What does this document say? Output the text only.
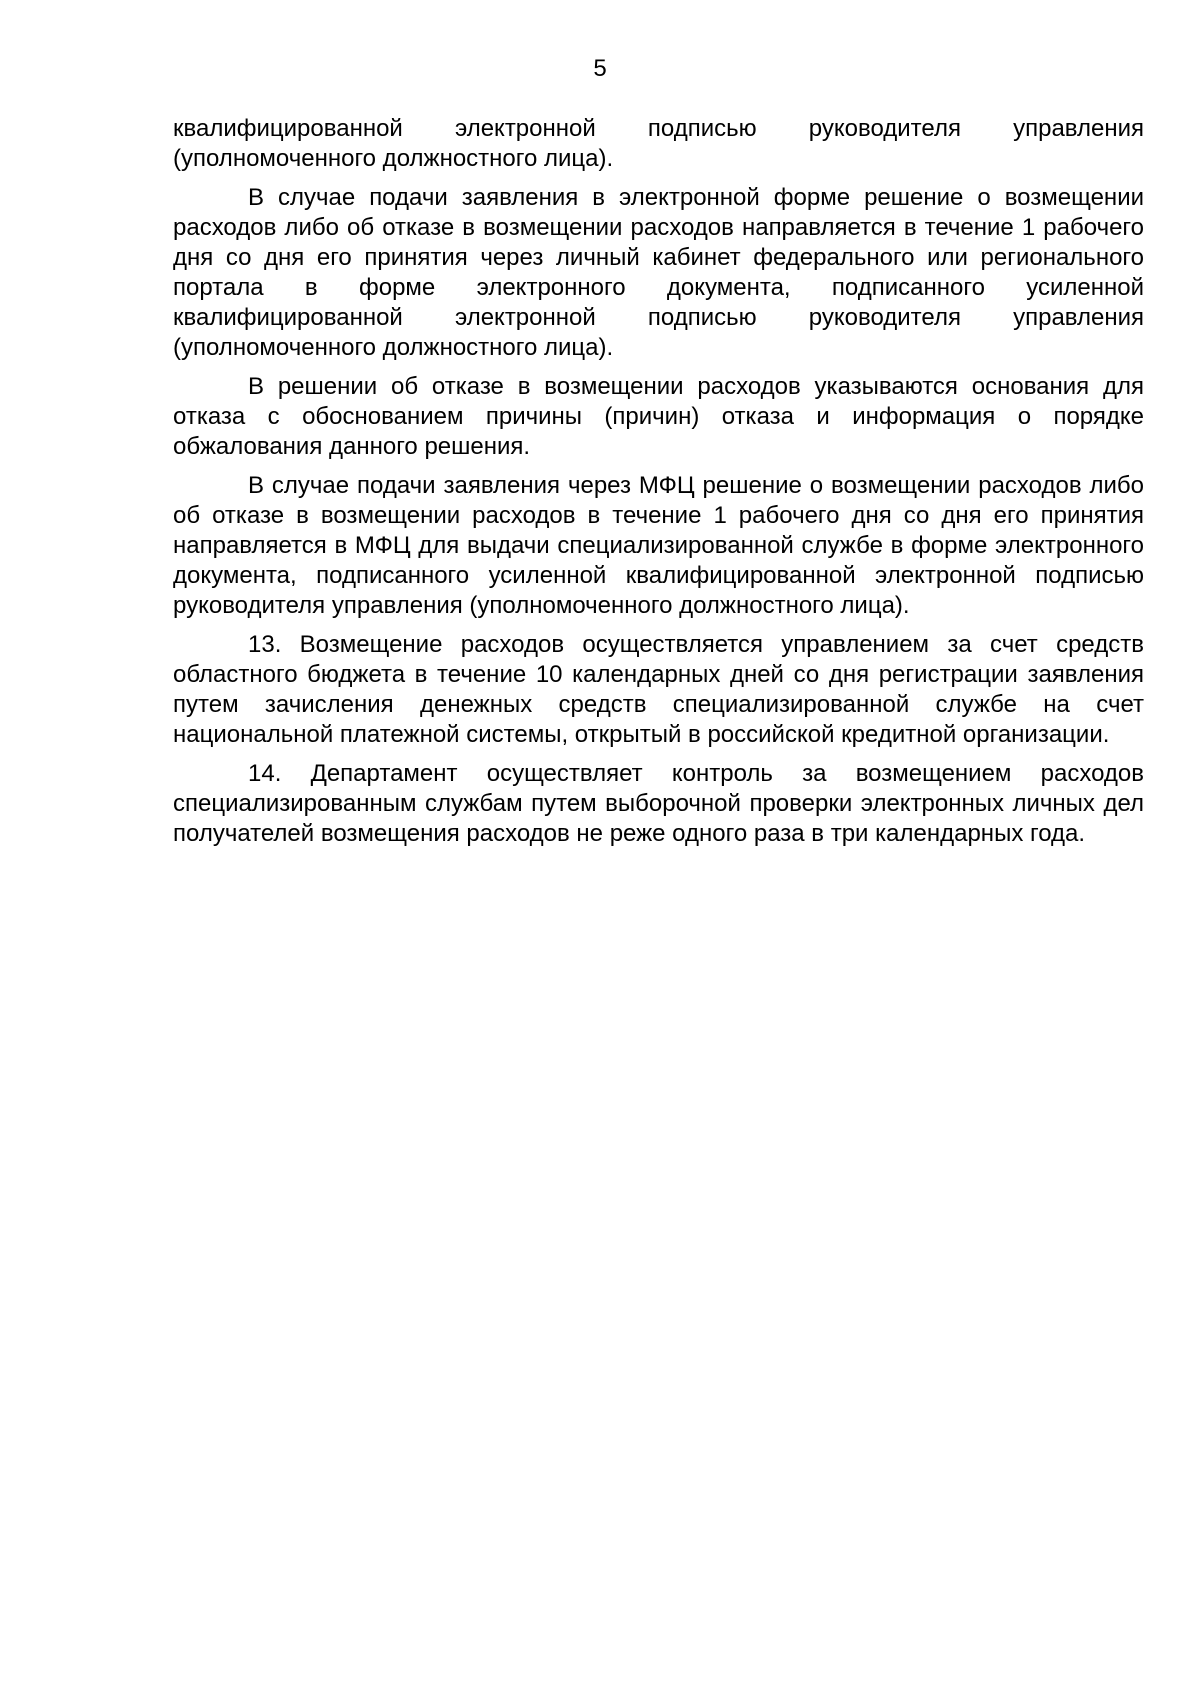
5

квалифицированной электронной подписью руководителя управления (уполномоченного должностного лица).

В случае подачи заявления в электронной форме решение о возмещении расходов либо об отказе в возмещении расходов направляется в течение 1 рабочего дня со дня его принятия через личный кабинет федерального или регионального портала в форме электронного документа, подписанного усиленной квалифицированной электронной подписью руководителя управления (уполномоченного должностного лица).

В решении об отказе в возмещении расходов указываются основания для отказа с обоснованием причины (причин) отказа и информация о порядке обжалования данного решения.

В случае подачи заявления через МФЦ решение о возмещении расходов либо об отказе в возмещении расходов в течение 1 рабочего дня со дня его принятия направляется в МФЦ для выдачи специализированной службе в форме электронного документа, подписанного усиленной квалифицированной электронной подписью руководителя управления (уполномоченного должностного лица).

13. Возмещение расходов осуществляется управлением за счет средств областного бюджета в течение 10 календарных дней со дня регистрации заявления путем зачисления денежных средств специализированной службе на счет национальной платежной системы, открытый в российской кредитной организации.

14. Департамент осуществляет контроль за возмещением расходов специализированным службам путем выборочной проверки электронных личных дел получателей возмещения расходов не реже одного раза в три календарных года.
